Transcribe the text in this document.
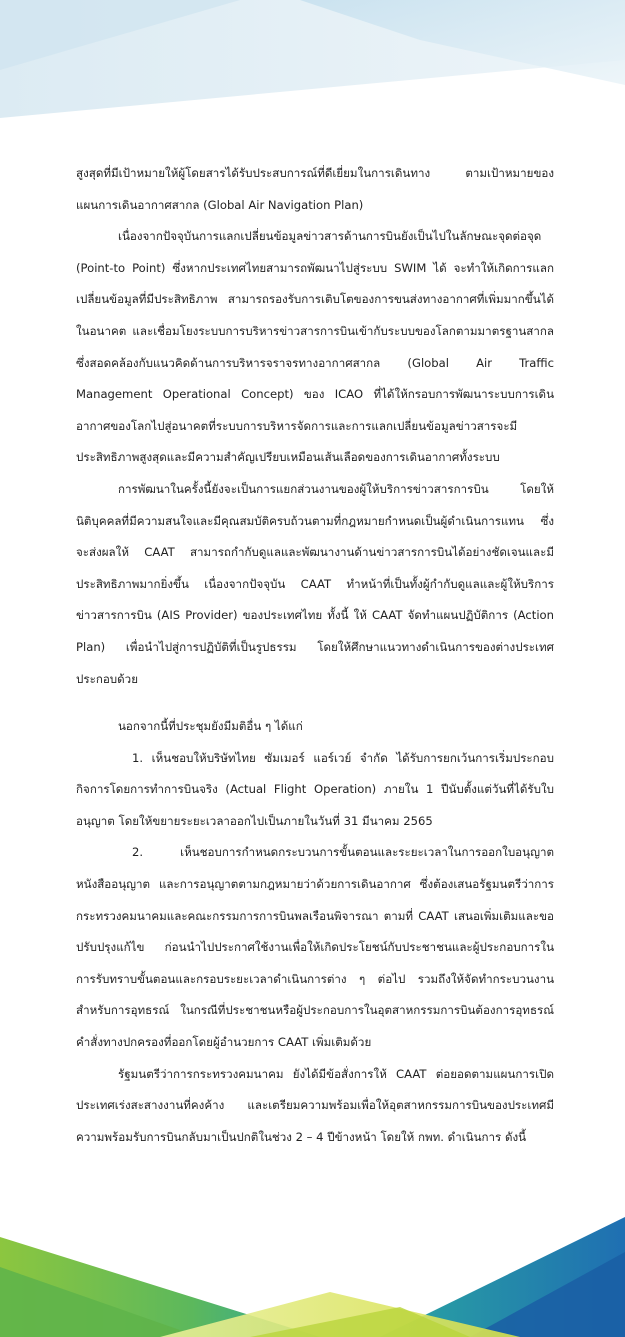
สูงสุดที่มีเป้าหมายให้ผู้โดยสารได้รับประสบการณ์ที่ดีเยี่ยมในการเดินทาง ตามเป้าหมายของแผนการเดินอากาศสากล (Global Air Navigation Plan)

เนื่องจากปัจจุบันการแลกเปลี่ยนข้อมูลข่าวสารด้านการบินยังเป็นไปในลักษณะจุดต่อจุด (Point-to Point) ซึ่งหากประเทศไทยสามารถพัฒนาไปสู่ระบบ SWIM ได้ จะทำให้เกิดการแลกเปลี่ยนข้อมูลที่มีประสิทธิภาพ สามารถรองรับการเติบโตของการขนส่งทางอากาศที่เพิ่มมากขึ้นได้ในอนาคต และเชื่อมโยงระบบการบริหารข่าวสารการบินเข้ากับระบบของโลกตามมาตรฐานสากล ซึ่งสอดคล้องกับแนวคิดด้านการบริหารจราจรทางอากาศสากล (Global Air Traffic Management Operational Concept) ของ ICAO ที่ได้ให้กรอบการพัฒนาระบบการเดินอากาศของโลกไปสู่อนาคตที่ระบบการบริหารจัดการและการแลกเปลี่ยนข้อมูลข่าวสารจะมีประสิทธิภาพสูงสุดและมีความสำคัญเปรียบเหมือนเส้นเลือดของการเดินอากาศทั้งระบบ

การพัฒนาในครั้งนี้ยังจะเป็นการแยกส่วนงานของผู้ให้บริการข่าวสารการบิน โดยให้นิติบุคคลที่มีความสนใจและมีคุณสมบัติครบถ้วนตามที่กฎหมายกำหนดเป็นผู้ดำเนินการแทน ซึ่งจะส่งผลให้ CAAT สามารถกำกับดูแลและพัฒนางานด้านข่าวสารการบินได้อย่างชัดเจนและมีประสิทธิภาพมากยิ่งขึ้น เนื่องจากปัจจุบัน CAAT ทำหน้าที่เป็นทั้งผู้กำกับดูแลและผู้ให้บริการข่าวสารการบิน (AIS Provider) ของประเทศไทย ทั้งนี้ ให้ CAAT จัดทำแผนปฏิบัติการ (Action Plan) เพื่อนำไปสู่การปฏิบัติที่เป็นรูปธรรม โดยให้ศึกษาแนวทางดำเนินการของต่างประเทศประกอบด้วย

นอกจากนี้ที่ประชุมยังมีมติอื่น ๆ ได้แก่

1. เห็นชอบให้บริษัทไทย ซัมเมอร์ แอร์เวย์ จำกัด ได้รับการยกเว้นการเริ่มประกอบกิจการโดยการทำการบินจริง (Actual Flight Operation) ภายใน 1 ปีนับตั้งแต่วันที่ได้รับใบอนุญาต โดยให้ขยายระยะเวลาออกไปเป็นภายในวันที่ 31 มีนาคม 2565

2. เห็นชอบการกำหนดกระบวนการขั้นตอนและระยะเวลาในการออกใบอนุญาต หนังสืออนุญาต และการอนุญาตตามกฎหมายว่าด้วยการเดินอากาศ ซึ่งต้องเสนอรัฐมนตรีว่าการกระทรวงคมนาคมและคณะกรรมการการบินพลเรือนพิจารณา ตามที่ CAAT เสนอเพิ่มเติมและขอปรับปรุงแก้ไข ก่อนนำไปประกาศใช้งานเพื่อให้เกิดประโยชน์กับประชาชนและผู้ประกอบการในการรับทราบขั้นตอนและกรอบระยะเวลาดำเนินการต่าง ๆ ต่อไป รวมถึงให้จัดทำกระบวนงานสำหรับการอุทธรณ์ ในกรณีที่ประชาชนหรือผู้ประกอบการในอุตสาหกรรมการบินต้องการอุทธรณ์คำสั่งทางปกครองที่ออกโดยผู้อำนวยการ CAAT เพิ่มเติมด้วย

รัฐมนตรีว่าการกระทรวงคมนาคม ยังได้มีข้อสั่งการให้ CAAT ต่อยอดตามแผนการเปิดประเทศเร่งสะสางงานที่คงค้าง และเตรียมความพร้อมเพื่อให้อุตสาหกรรมการบินของประเทศมีความพร้อมรับการบินกลับมาเป็นปกติในช่วง 2 – 4 ปีข้างหน้า โดยให้ กพท. ดำเนินการ ดังนี้
